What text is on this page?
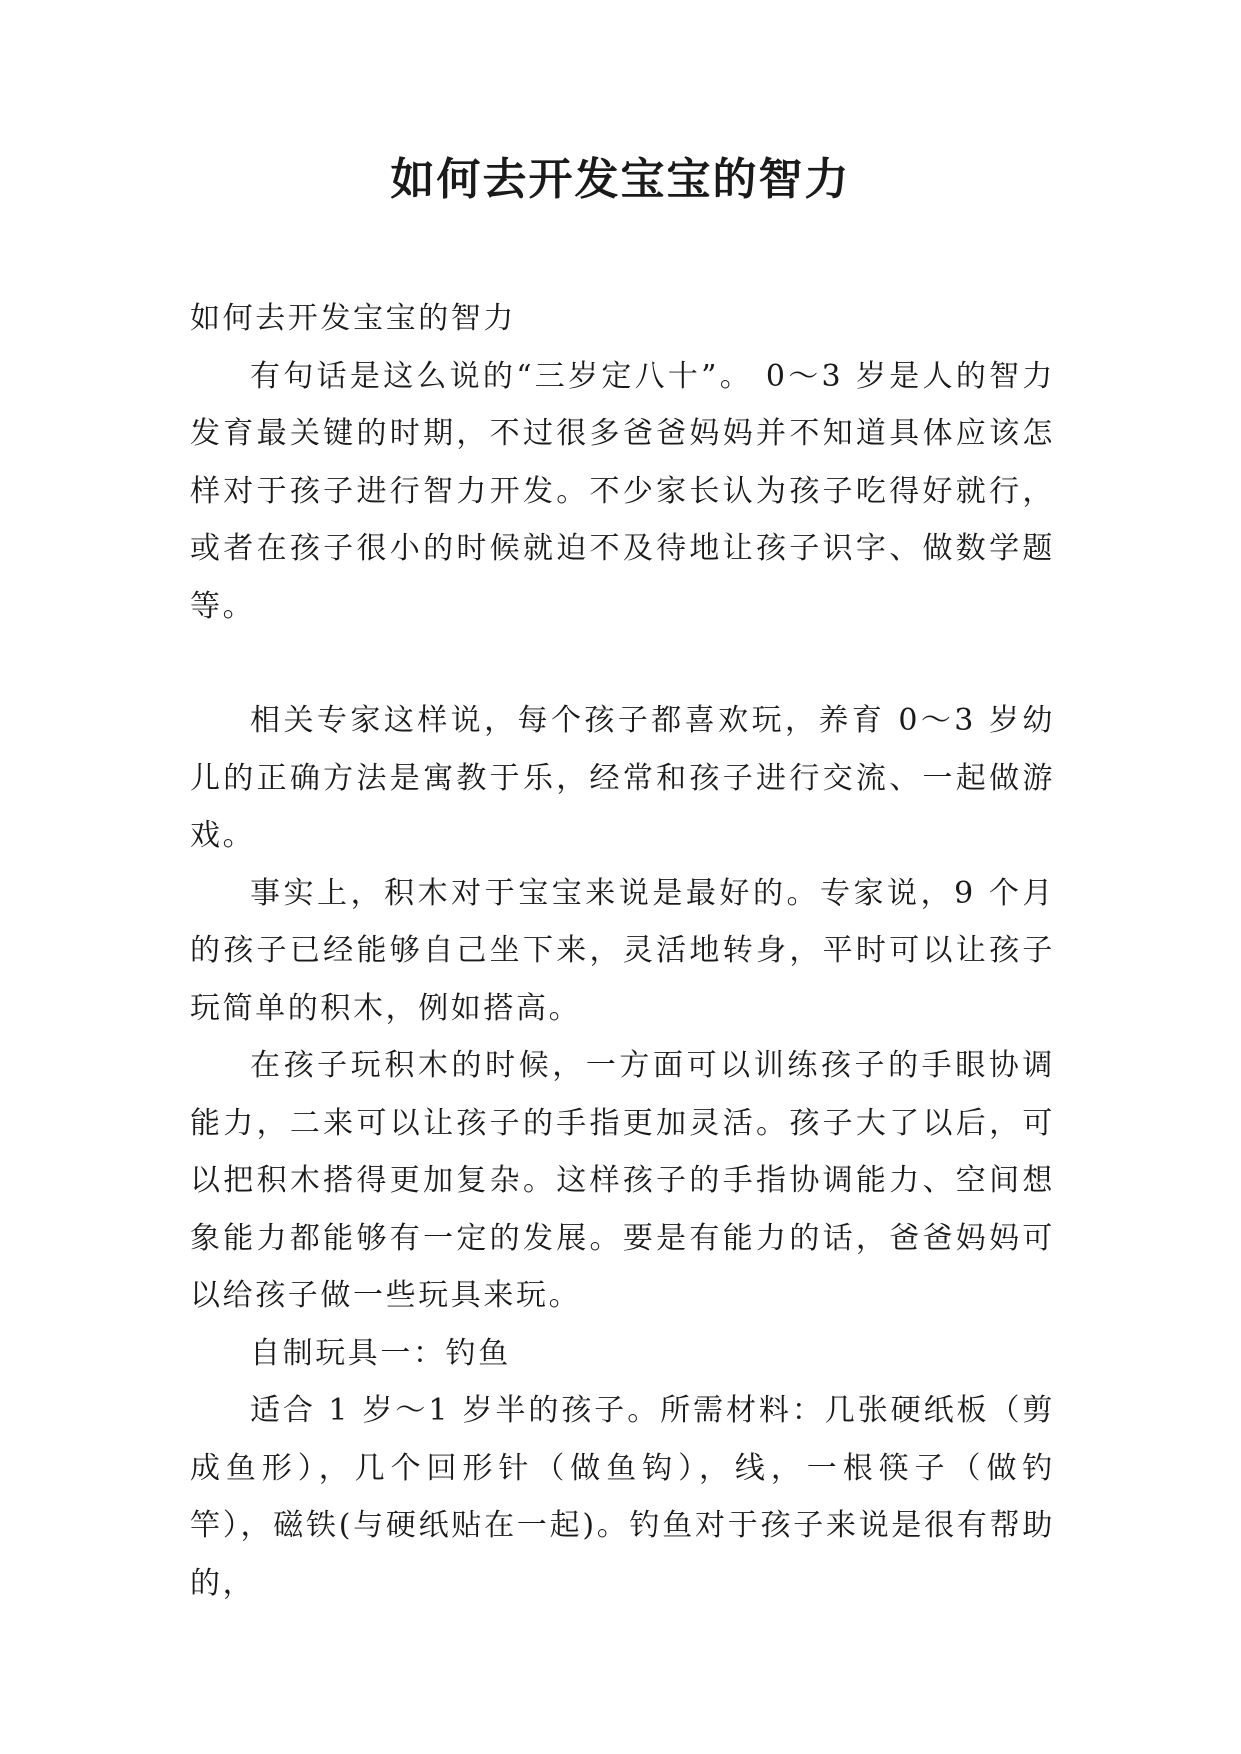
如何去开发宝宝的智力

如何去开发宝宝的智力

有句话是这么说的“三岁定八十”。 0～3 岁是人的智力发育最关键的时期，不过很多爸爸妈妈并不知道具体应该怎样对于孩子进行智力开发。不少家长认为孩子吃得好就行，或者在孩子很小的时候就迫不及待地让孩子识字、做数学题等。

相关专家这样说，每个孩子都喜欢玩，养育 0～3 岁幼儿的正确方法是寓教于乐，经常和孩子进行交流、一起做游戏。

事实上，积木对于宝宝来说是最好的。专家说，9 个月的孩子已经能够自己坐下来，灵活地转身，平时可以让孩子玩简单的积木，例如搭高。

在孩子玩积木的时候，一方面可以训练孩子的手眼协调能力，二来可以让孩子的手指更加灵活。孩子大了以后，可以把积木搭得更加复杂。这样孩子的手指协调能力、空间想象能力都能够有一定的发展。要是有能力的话，爸爸妈妈可以给孩子做一些玩具来玩。

自制玩具一：钓鱼

适合 1 岁～1 岁半的孩子。所需材料：几张硬纸板（剪成鱼形），几个回形针（做鱼钩），线，一根筷子（做钓竿），磁铁(与硬纸贴在一起)。钓鱼对于孩子来说是很有帮助的，
